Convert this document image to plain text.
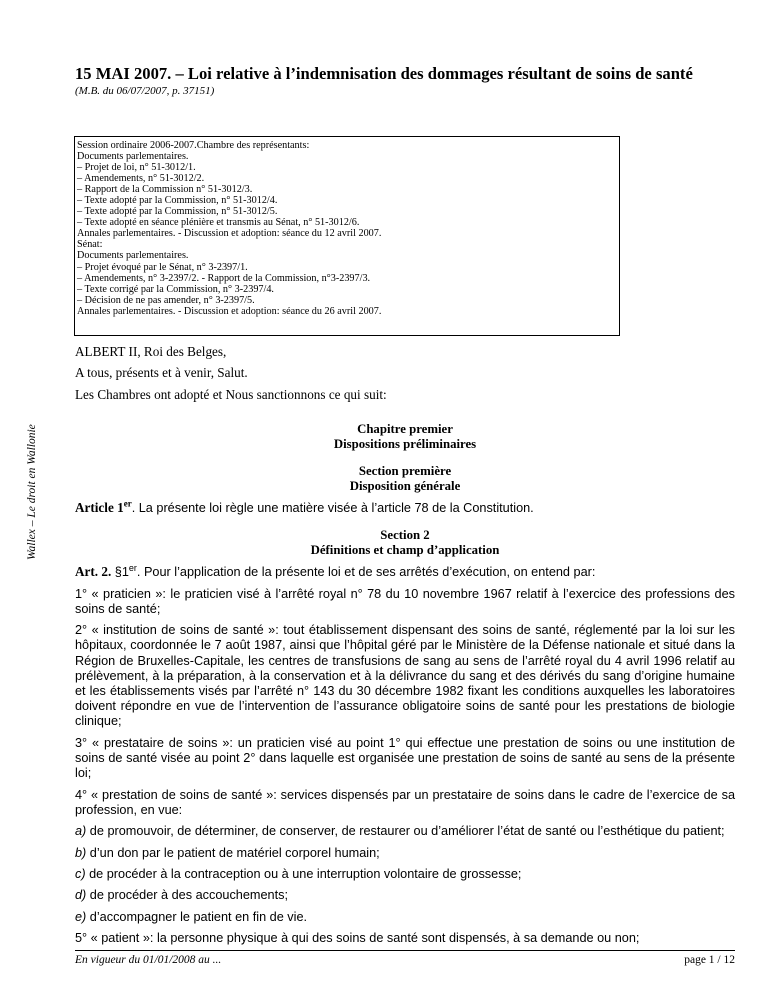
15 MAI 2007. – Loi relative à l’indemnisation des dommages résultant de soins de santé
(M.B. du 06/07/2007, p. 37151)
Session ordinaire 2006-2007.Chambre des représentants:
Documents parlementaires.
– Projet de loi, n° 51-3012/1.
– Amendements, n° 51-3012/2.
– Rapport de la Commission n° 51-3012/3.
– Texte adopté par la Commission, n° 51-3012/4.
– Texte adopté par la Commission, n° 51-3012/5.
– Texte adopté en séance plénière et transmis au Sénat, n° 51-3012/6.
Annales parlementaires. - Discussion et adoption: séance du 12 avril 2007.
Sénat:
Documents parlementaires.
– Projet évoqué par le Sénat, n° 3-2397/1.
– Amendements, n° 3-2397/2. - Rapport de la Commission, n°3-2397/3.
– Texte corrigé par la Commission, n° 3-2397/4.
– Décision de ne pas amender, n° 3-2397/5.
Annales parlementaires. - Discussion et adoption: séance du 26 avril 2007.
Wallex – Le droit en Wallonie

ALBERT II, Roi des Belges,

A tous, présents et à venir, Salut.

Les Chambres ont adopté et Nous sanctionnons ce qui suit:

Chapitre premier
Dispositions préliminaires
Section première
Disposition générale

Article 1er. La présente loi règle une matière visée à l’article 78 de la Constitution.

Section 2
Définitions et champ d’application

Art. 2. §1er. Pour l’application de la présente loi et de ses arrêtés d’exécution, on entend par:

1° « praticien »: le praticien visé à l’arrêté royal n° 78 du 10 novembre 1967 relatif à l’exercice des professions des soins de santé;

2° « institution de soins de santé »: tout établissement dispensant des soins de santé, réglementé par la loi sur les hôpitaux, coordonnée le 7 août 1987, ainsi que l’hôpital géré par le Ministère de la Défense nationale et situé dans la Région de Bruxelles-Capitale, les centres de transfusions de sang au sens de l’arrêté royal du 4 avril 1996 relatif au prélèvement, à la préparation, à la conservation et à la délivrance du sang et des dérivés du sang d’origine humaine et les établissements visés par l’arrêté n° 143 du 30 décembre 1982 fixant les conditions auxquelles les laboratoires doivent répondre en vue de l’intervention de l’assurance obligatoire soins de santé pour les prestations de biologie clinique;

3° « prestataire de soins »: un praticien visé au point 1° qui effectue une prestation de soins ou une institution de soins de santé visée au point 2° dans laquelle est organisée une prestation de soins de santé au sens de la présente loi;

4° « prestation de soins de santé »: services dispensés par un prestataire de soins dans le cadre de l’exercice de sa profession, en vue:

a) de promouvoir, de déterminer, de conserver, de restaurer ou d’améliorer l’état de santé ou l’esthétique du patient;

b) d’un don par le patient de matériel corporel humain;

c) de procéder à la contraception ou à une interruption volontaire de grossesse;

d) de procéder à des accouchements;

e) d’accompagner le patient en fin de vie.

5° « patient »: la personne physique à qui des soins de santé sont dispensés, à sa demande ou non;

En vigueur du 01/01/2008 au ...	page 1 / 12
